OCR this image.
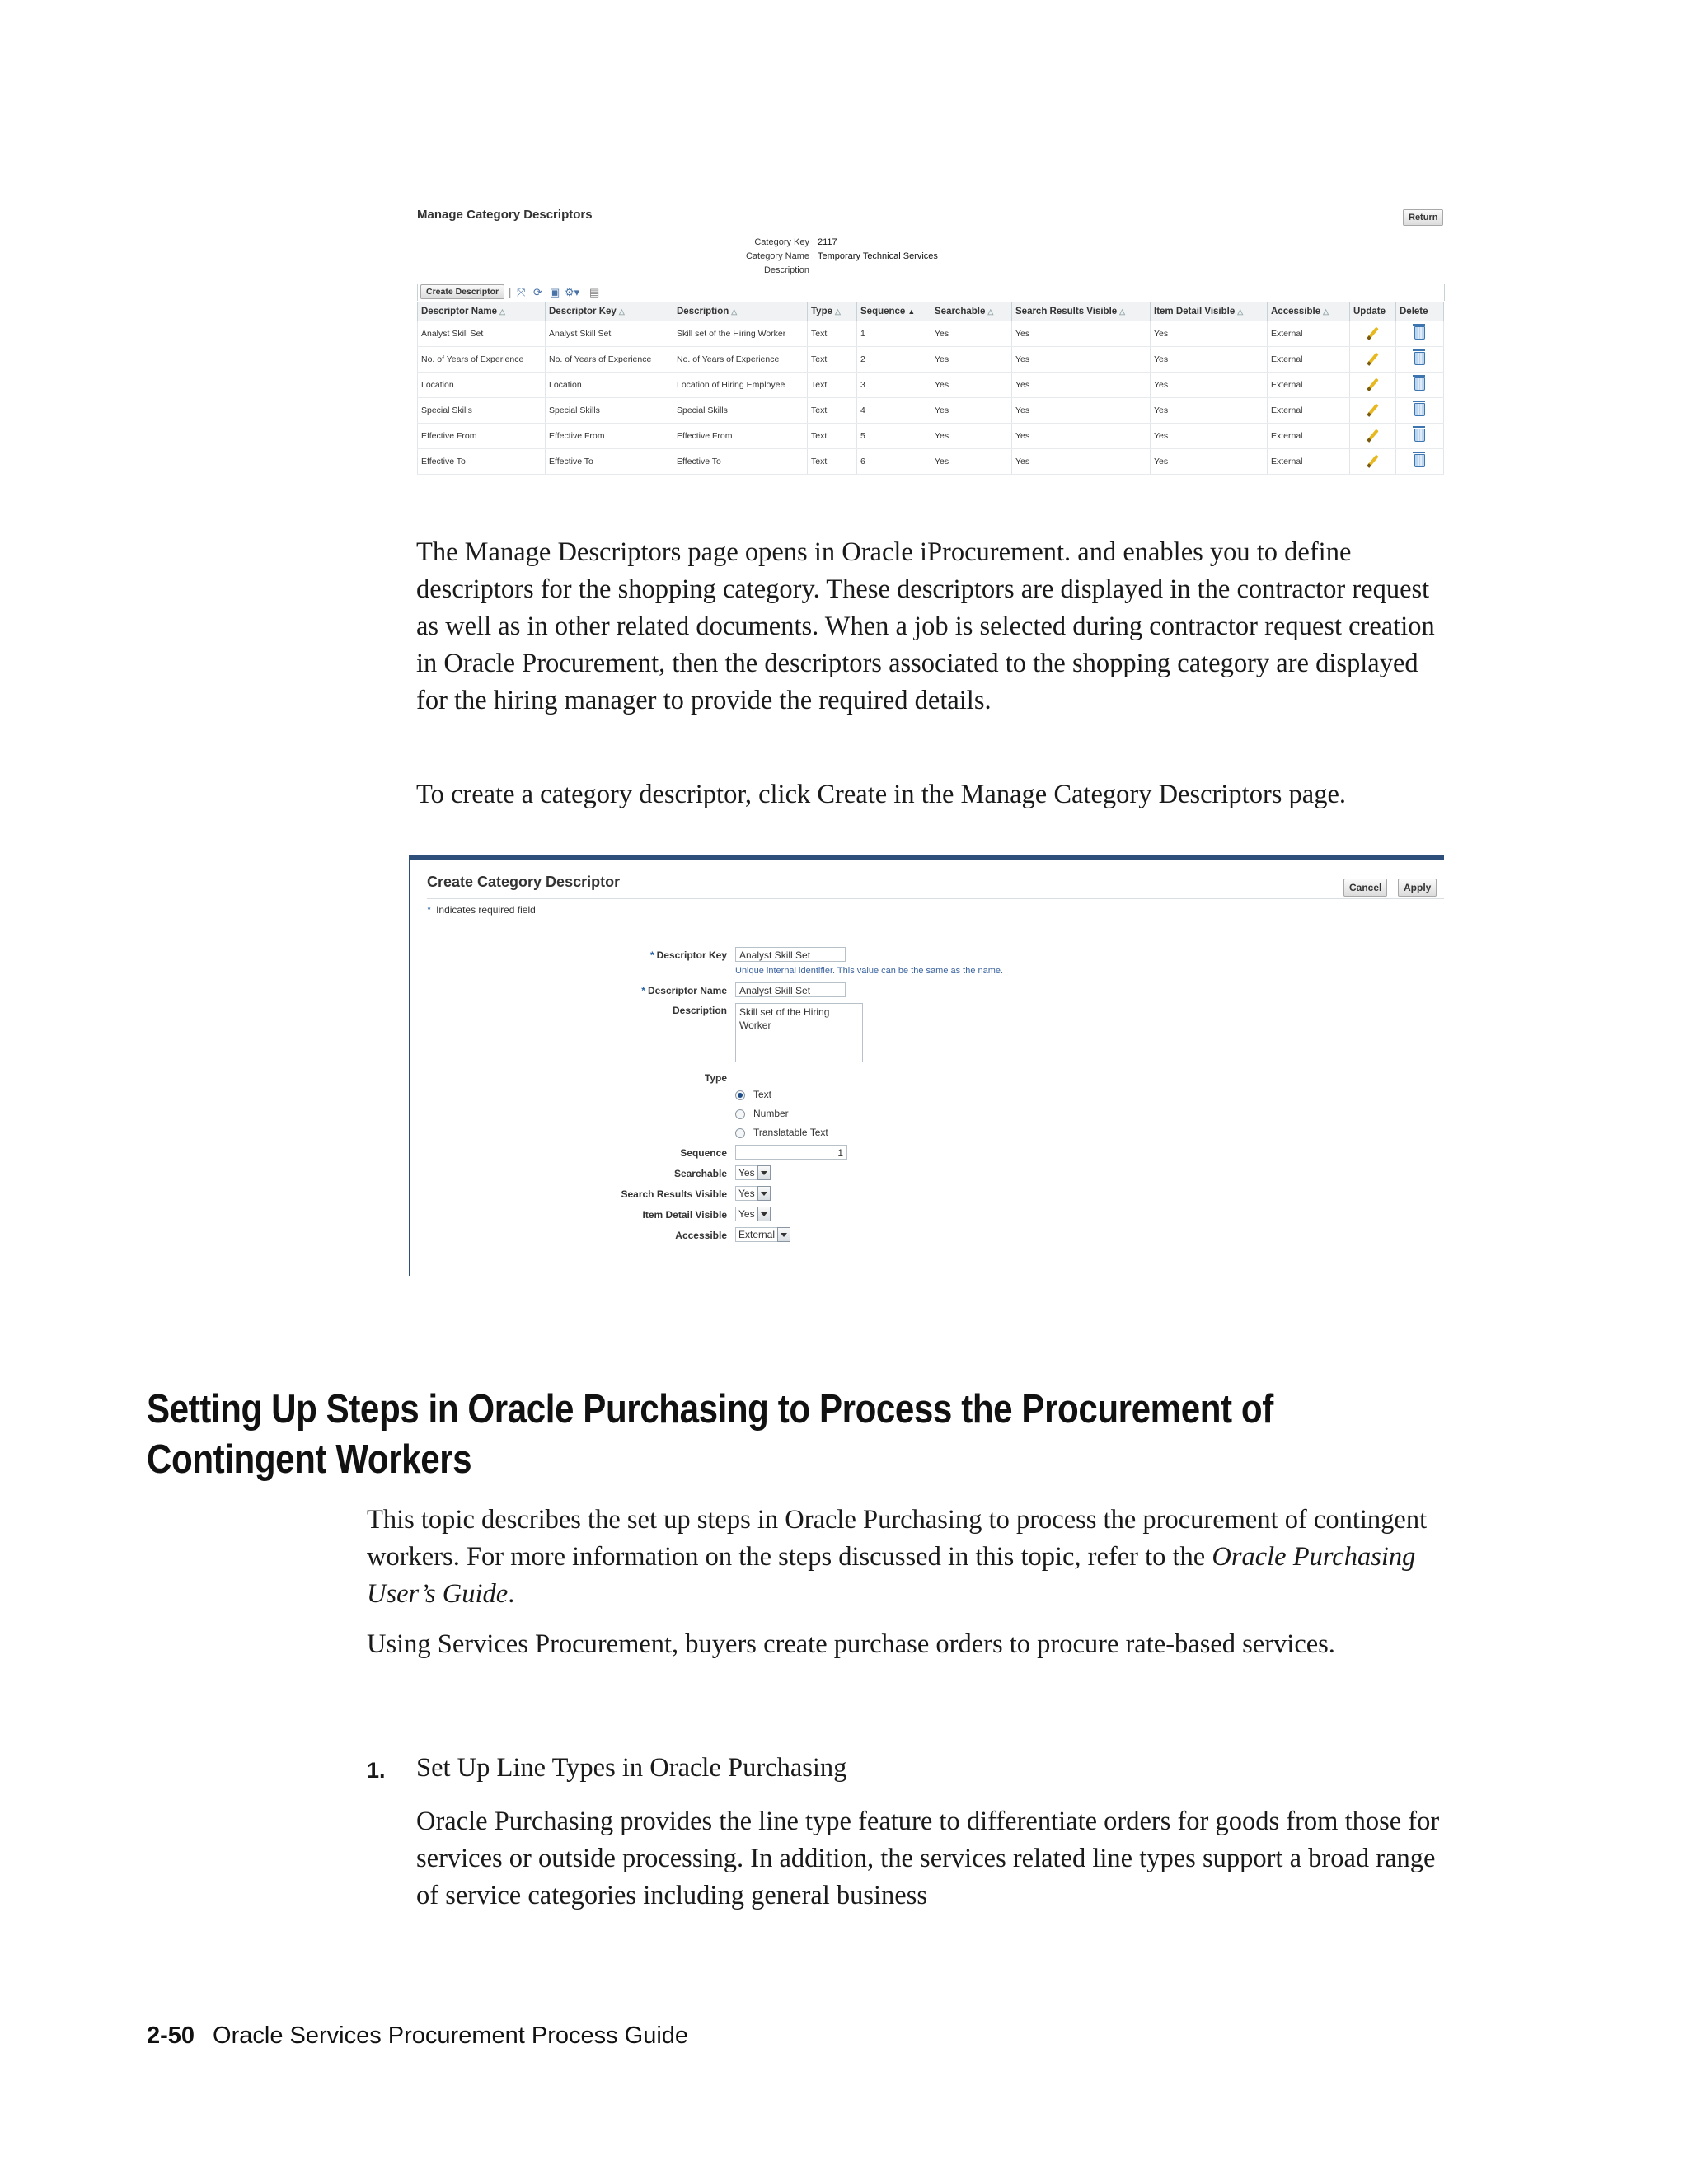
Manage Category Descriptors	Return
Category Key 2117
Category Name Temporary Technical Services
Description
Create Descriptor | ⤧ ⟳ ▣ ⚙▾ ▤
Descriptor Name △	Descriptor Key △	Description △	Type △	Sequence ▲	Searchable △	Search Results Visible △	Item Detail Visible △	Accessible △	Update	Delete
Analyst Skill Set	Analyst Skill Set	Skill set of the Hiring Worker	Text	1	Yes	Yes	Yes	External		
No. of Years of Experience	No. of Years of Experience	No. of Years of Experience	Text	2	Yes	Yes	Yes	External		
Location	Location	Location of Hiring Employee	Text	3	Yes	Yes	Yes	External		
Special Skills	Special Skills	Special Skills	Text	4	Yes	Yes	Yes	External		
Effective From	Effective From	Effective From	Text	5	Yes	Yes	Yes	External		
Effective To	Effective To	Effective To	Text	6	Yes	Yes	Yes	External		
The Manage Descriptors page opens in Oracle iProcurement. and enables you to define descriptors for the shopping category. These descriptors are displayed in the contractor request as well as in other related documents. When a job is selected during contractor request creation in Oracle Procurement, then the descriptors associated to the shopping category are displayed for the hiring manager to provide the required details.
To create a category descriptor, click Create in the Manage Category Descriptors page.
Create Category Descriptor	Cancel	Apply
* Indicates required field
* Descriptor Key	Analyst Skill Set
Unique internal identifier. This value can be the same as the name.
* Descriptor Name	Analyst Skill Set
Description	Skill set of the Hiring Worker
Type
Text
Number
Translatable Text
Sequence	1
Searchable	Yes
Search Results Visible	Yes
Item Detail Visible	Yes
Accessible	External
Setting Up Steps in Oracle Purchasing to Process the Procurement of Contingent Workers
This topic describes the set up steps in Oracle Purchasing to process the procurement of contingent workers. For more information on the steps discussed in this topic, refer to the Oracle Purchasing User’s Guide.
Using Services Procurement, buyers create purchase orders to procure rate-based services.
1. Set Up Line Types in Oracle Purchasing
Oracle Purchasing provides the line type feature to differentiate orders for goods from those for services or outside processing. In addition, the services related line types support a broad range of service categories including general business
2-50 Oracle Services Procurement Process Guide
